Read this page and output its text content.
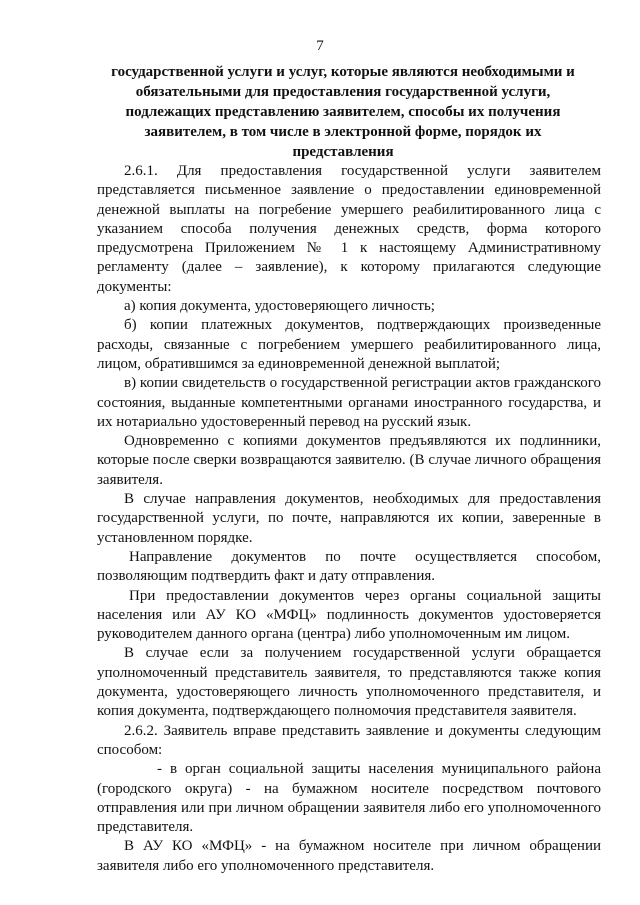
7
государственной услуги и услуг, которые являются необходимыми и обязательными для предоставления государственной услуги, подлежащих представлению заявителем, способы их получения заявителем, в том числе в электронной форме, порядок их представления

2.6.1. Для предоставления государственной услуги заявителем представляется письменное заявление о предоставлении единовременной денежной выплаты на погребение умершего реабилитированного лица с указанием способа получения денежных средств, форма которого предусмотрена Приложением № 1 к настоящему Административному регламенту (далее – заявление), к которому прилагаются следующие документы:

а) копия документа, удостоверяющего личность;

б) копии платежных документов, подтверждающих произведенные расходы, связанные с погребением умершего реабилитированного лица, лицом, обратившимся за единовременной денежной выплатой;

в) копии свидетельств о государственной регистрации актов гражданского состояния, выданные компетентными органами иностранного государства, и их нотариально удостоверенный перевод на русский язык.

Одновременно с копиями документов предъявляются их подлинники, которые после сверки возвращаются заявителю. (В случае личного обращения заявителя.

В случае направления документов, необходимых для предоставления государственной услуги, по почте, направляются их копии, заверенные в установленном порядке.

Направление документов по почте осуществляется способом, позволяющим подтвердить факт и дату отправления.

При предоставлении документов через органы социальной защиты населения или АУ КО «МФЦ» подлинность документов удостоверяется руководителем данного органа (центра) либо уполномоченным им лицом.

В случае если за получением государственной услуги обращается уполномоченный представитель заявителя, то представляются также копия документа, удостоверяющего личность уполномоченного представителя, и копия документа, подтверждающего полномочия представителя заявителя.

2.6.2. Заявитель вправе представить заявление и документы следующим способом:

- в орган социальной защиты населения муниципального района (городского округа) - на бумажном носителе посредством почтового отправления или при личном обращении заявителя либо его уполномоченного представителя.

В АУ КО «МФЦ» - на бумажном носителе при личном обращении заявителя либо его уполномоченного представителя.
